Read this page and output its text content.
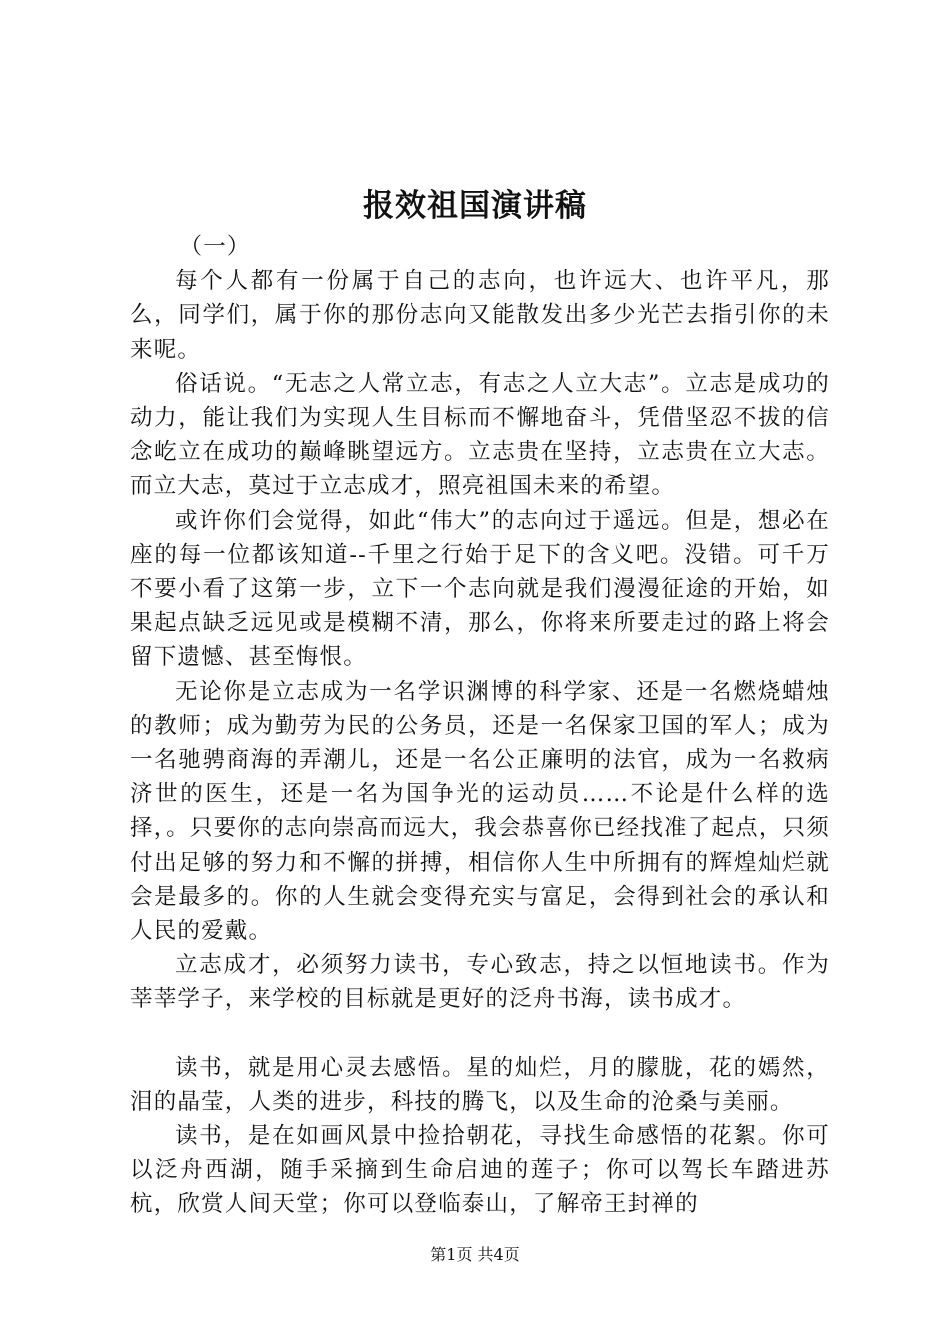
报效祖国演讲稿

（一）

每个人都有一份属于自己的志向，也许远大、也许平凡，那么，同学们，属于你的那份志向又能散发出多少光芒去指引你的未来呢。

俗话说。“无志之人常立志，有志之人立大志”。立志是成功的动力，能让我们为实现人生目标而不懈地奋斗，凭借坚忍不拔的信念屹立在成功的巅峰眺望远方。立志贵在坚持，立志贵在立大志。而立大志，莫过于立志成才，照亮祖国未来的希望。

或许你们会觉得，如此“伟大”的志向过于遥远。但是，想必在座的每一位都该知道--千里之行始于足下的含义吧。没错。可千万不要小看了这第一步，立下一个志向就是我们漫漫征途的开始，如果起点缺乏远见或是模糊不清，那么，你将来所要走过的路上将会留下遗憾、甚至悔恨。

无论你是立志成为一名学识渊博的科学家、还是一名燃烧蜡烛的教师；成为勤劳为民的公务员，还是一名保家卫国的军人；成为一名驰骋商海的弄潮儿，还是一名公正廉明的法官，成为一名救病济世的医生，还是一名为国争光的运动员……不论是什么样的选择，。只要你的志向崇高而远大，我会恭喜你已经找准了起点，只须付出足够的努力和不懈的拼搏，相信你人生中所拥有的辉煌灿烂就会是最多的。你的人生就会变得充实与富足，会得到社会的承认和人民的爱戴。

立志成才，必须努力读书，专心致志，持之以恒地读书。作为莘莘学子，来学校的目标就是更好的泛舟书海，读书成才。

读书，就是用心灵去感悟。星的灿烂，月的朦胧，花的嫣然，泪的晶莹，人类的进步，科技的腾飞，以及生命的沧桑与美丽。

读书，是在如画风景中捡拾朝花，寻找生命感悟的花絮。你可以泛舟西湖，随手采摘到生命启迪的莲子；你可以驾长车踏进苏杭，欣赏人间天堂；你可以登临泰山，了解帝王封禅的

第1页 共4页
